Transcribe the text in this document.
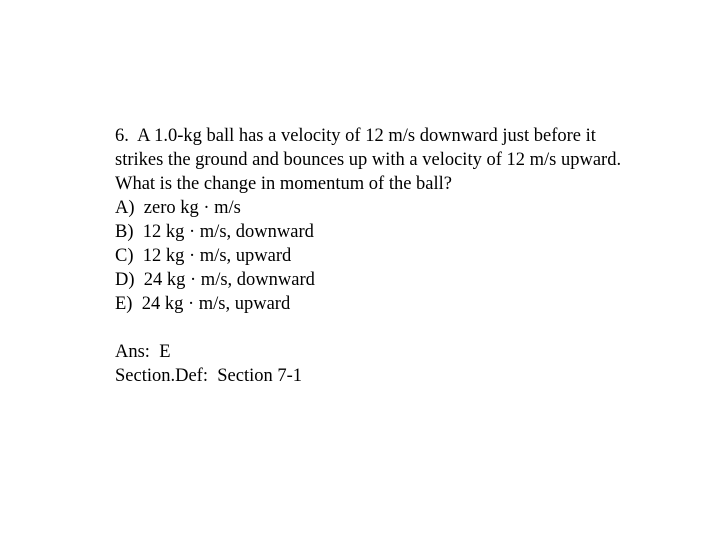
6.  A 1.0-kg ball has a velocity of 12 m/s downward just before it
strikes the ground and bounces up with a velocity of 12 m/s upward.
What is the change in momentum of the ball?
A)  zero kg · m/s
B)  12 kg · m/s, downward
C)  12 kg · m/s, upward
D)  24 kg · m/s, downward
E)  24 kg · m/s, upward
Ans:  E
Section.Def:  Section 7-1
